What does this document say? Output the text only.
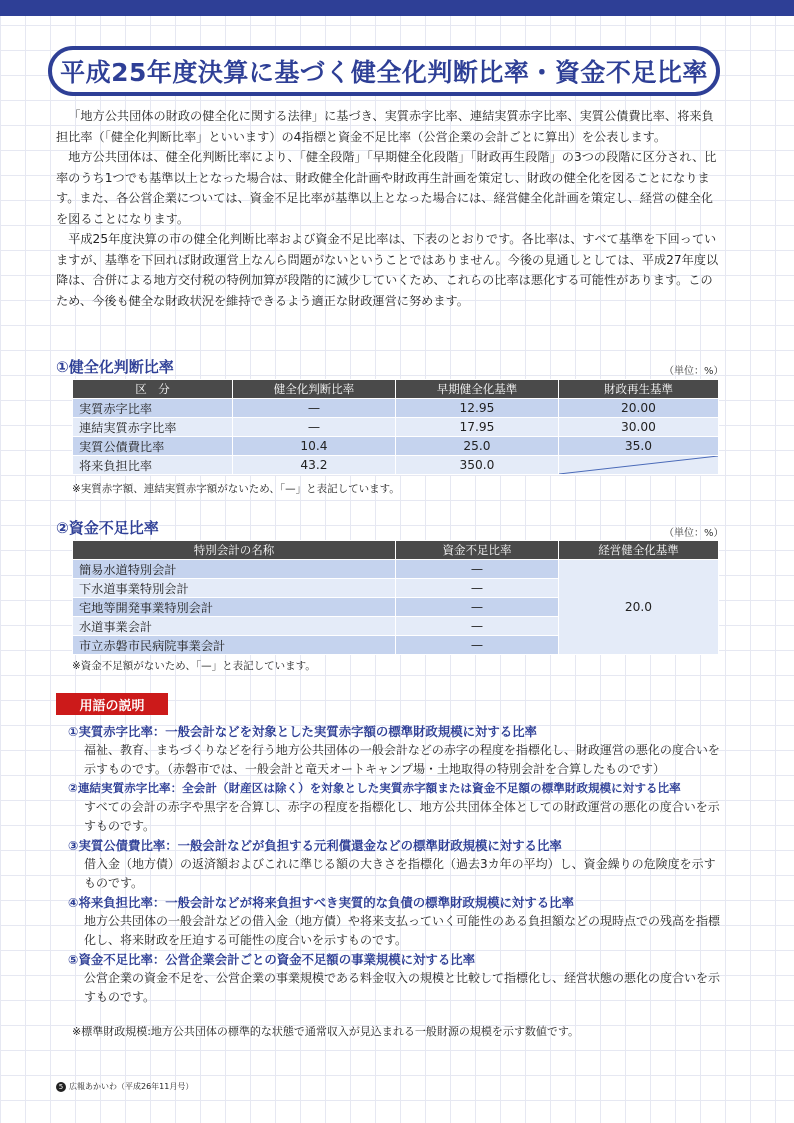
平成25年度決算に基づく健全化判断比率・資金不足比率

「地方公共団体の財政の健全化に関する法律」に基づき、実質赤字比率、連結実質赤字比率、実質公債費比率、将来負担比率（「健全化判断比率」といいます）の4指標と資金不足比率（公営企業の会計ごとに算出）を公表します。

地方公共団体は、健全化判断比率により、「健全段階」「早期健全化段階」「財政再生段階」の3つの段階に区分され、比率のうち1つでも基準以上となった場合は、財政健全化計画や財政再生計画を策定し、財政の健全化を図ることになります。また、各公営企業については、資金不足比率が基準以上となった場合には、経営健全化計画を策定し、経営の健全化を図ることになります。

平成25年度決算の市の健全化判断比率および資金不足比率は、下表のとおりです。各比率は、すべて基準を下回っていますが、基準を下回れば財政運営上なんら問題がないということではありません。今後の見通しとしては、平成27年度以降は、合併による地方交付税の特例加算が段階的に減少していくため、これらの比率は悪化する可能性があります。このため、今後も健全な財政状況を維持できるよう適正な財政運営に努めます。

①健全化判断比率	（単位：%）
区　分	健全化判断比率	早期健全化基準	財政再生基準
実質赤字比率	—	12.95	20.00
連結実質赤字比率	—	17.95	30.00
実質公債費比率	10.4	25.0	35.0
将来負担比率	43.2	350.0	
※実質赤字額、連結実質赤字額がないため、「—」と表記しています。
②資金不足比率	（単位：%）
特別会計の名称	資金不足比率	経営健全化基準
簡易水道特別会計	—	20.0
下水道事業特別会計	—	
宅地等開発事業特別会計	—	
水道事業会計	—	
市立赤磐市民病院事業会計	—	
※資金不足額がないため、「—」と表記しています。
用語の説明
①実質赤字比率：一般会計などを対象とした実質赤字額の標準財政規模に対する比率
福祉、教育、まちづくりなどを行う地方公共団体の一般会計などの赤字の程度を指標化し、財政運営の悪化の度合いを示すものです。（赤磐市では、一般会計と竜天オートキャンプ場・土地取得の特別会計を合算したものです）
②連結実質赤字比率：全会計（財産区は除く）を対象とした実質赤字額または資金不足額の標準財政規模に対する比率
すべての会計の赤字や黒字を合算し、赤字の程度を指標化し、地方公共団体全体としての財政運営の悪化の度合いを示すものです。
③実質公債費比率：一般会計などが負担する元利償還金などの標準財政規模に対する比率
借入金（地方債）の返済額およびこれに準じる額の大きさを指標化（過去3カ年の平均）し、資金繰りの危険度を示すものです。
④将来負担比率：一般会計などが将来負担すべき実質的な負債の標準財政規模に対する比率
地方公共団体の一般会計などの借入金（地方債）や将来支払っていく可能性のある負担額などの現時点での残高を指標化し、将来財政を圧迫する可能性の度合いを示すものです。
⑤資金不足比率：公営企業会計ごとの資金不足額の事業規模に対する比率
公営企業の資金不足を、公営企業の事業規模である料金収入の規模と比較して指標化し、経営状態の悪化の度合いを示すものです。
※標準財政規模:地方公共団体の標準的な状態で通常収入が見込まれる一般財源の規模を示す数値です。
5 広報あかいわ（平成26年11月号）
